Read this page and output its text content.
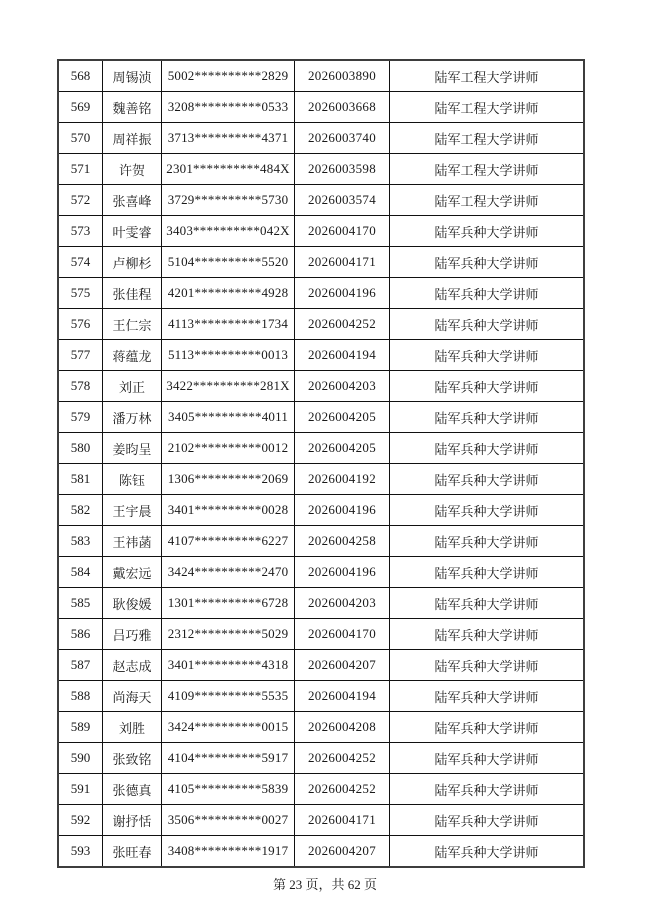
568	周锡浈	5002**********2829	2026003890	陆军工程大学讲师
569	魏善铭	3208**********0533	2026003668	陆军工程大学讲师
570	周祥振	3713**********4371	2026003740	陆军工程大学讲师
571	许贺	2301**********484X	2026003598	陆军工程大学讲师
572	张喜峰	3729**********5730	2026003574	陆军工程大学讲师
573	叶雯睿	3403**********042X	2026004170	陆军兵种大学讲师
574	卢柳杉	5104**********5520	2026004171	陆军兵种大学讲师
575	张佳程	4201**********4928	2026004196	陆军兵种大学讲师
576	王仁宗	4113**********1734	2026004252	陆军兵种大学讲师
577	蒋蕴龙	5113**********0013	2026004194	陆军兵种大学讲师
578	刘正	3422**********281X	2026004203	陆军兵种大学讲师
579	潘万林	3405**********4011	2026004205	陆军兵种大学讲师
580	姜昀呈	2102**********0012	2026004205	陆军兵种大学讲师
581	陈钰	1306**********2069	2026004192	陆军兵种大学讲师
582	王宇晨	3401**********0028	2026004196	陆军兵种大学讲师
583	王祎菡	4107**********6227	2026004258	陆军兵种大学讲师
584	戴宏远	3424**********2470	2026004196	陆军兵种大学讲师
585	耿俊媛	1301**********6728	2026004203	陆军兵种大学讲师
586	吕巧雅	2312**********5029	2026004170	陆军兵种大学讲师
587	赵志成	3401**********4318	2026004207	陆军兵种大学讲师
588	尚海天	4109**********5535	2026004194	陆军兵种大学讲师
589	刘胜	3424**********0015	2026004208	陆军兵种大学讲师
590	张致铭	4104**********5917	2026004252	陆军兵种大学讲师
591	张德真	4105**********5839	2026004252	陆军兵种大学讲师
592	谢抒恬	3506**********0027	2026004171	陆军兵种大学讲师
593	张旺春	3408**********1917	2026004207	陆军兵种大学讲师
第 23 页，共 62 页
